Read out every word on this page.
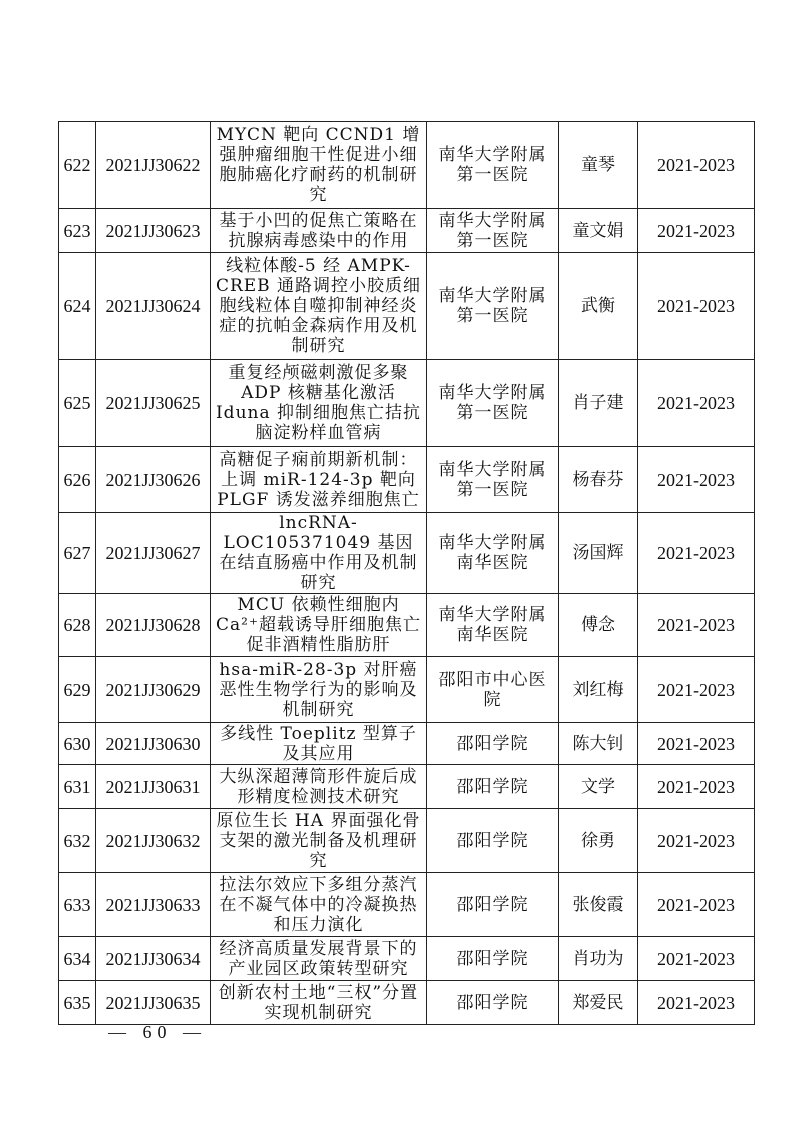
622	2021JJ30622	MYCN 靶向 CCND1 增强肿瘤细胞干性促进小细胞肺癌化疗耐药的机制研究	南华大学附属第一医院	童琴	2021-2023
623	2021JJ30623	基于小凹的促焦亡策略在抗腺病毒感染中的作用	南华大学附属第一医院	童文娟	2021-2023
624	2021JJ30624	线粒体酸-5 经 AMPK-CREB 通路调控小胶质细胞线粒体自噬抑制神经炎症的抗帕金森病作用及机制研究	南华大学附属第一医院	武衡	2021-2023
625	2021JJ30625	重复经颅磁刺激促多聚 ADP 核糖基化激活 Iduna 抑制细胞焦亡拮抗脑淀粉样血管病	南华大学附属第一医院	肖子建	2021-2023
626	2021JJ30626	高糖促子痫前期新机制：上调 miR-124-3p 靶向 PLGF 诱发滋养细胞焦亡	南华大学附属第一医院	杨春芬	2021-2023
627	2021JJ30627	lncRNA-LOC105371049 基因在结直肠癌中作用及机制研究	南华大学附属南华医院	汤国辉	2021-2023
628	2021JJ30628	MCU 依赖性细胞内 Ca²⁺超载诱导肝细胞焦亡促非酒精性脂肪肝	南华大学附属南华医院	傅念	2021-2023
629	2021JJ30629	hsa-miR-28-3p 对肝癌恶性生物学行为的影响及机制研究	邵阳市中心医院	刘红梅	2021-2023
630	2021JJ30630	多线性 Toeplitz 型算子及其应用	邵阳学院	陈大钊	2021-2023
631	2021JJ30631	大纵深超薄筒形件旋后成形精度检测技术研究	邵阳学院	文学	2021-2023
632	2021JJ30632	原位生长 HA 界面强化骨支架的激光制备及机理研究	邵阳学院	徐勇	2021-2023
633	2021JJ30633	拉法尔效应下多组分蒸汽在不凝气体中的冷凝换热和压力演化	邵阳学院	张俊霞	2021-2023
634	2021JJ30634	经济高质量发展背景下的产业园区政策转型研究	邵阳学院	肖功为	2021-2023
635	2021JJ30635	创新农村土地“三权”分置实现机制研究	邵阳学院	郑爱民	2021-2023
— 60 —
